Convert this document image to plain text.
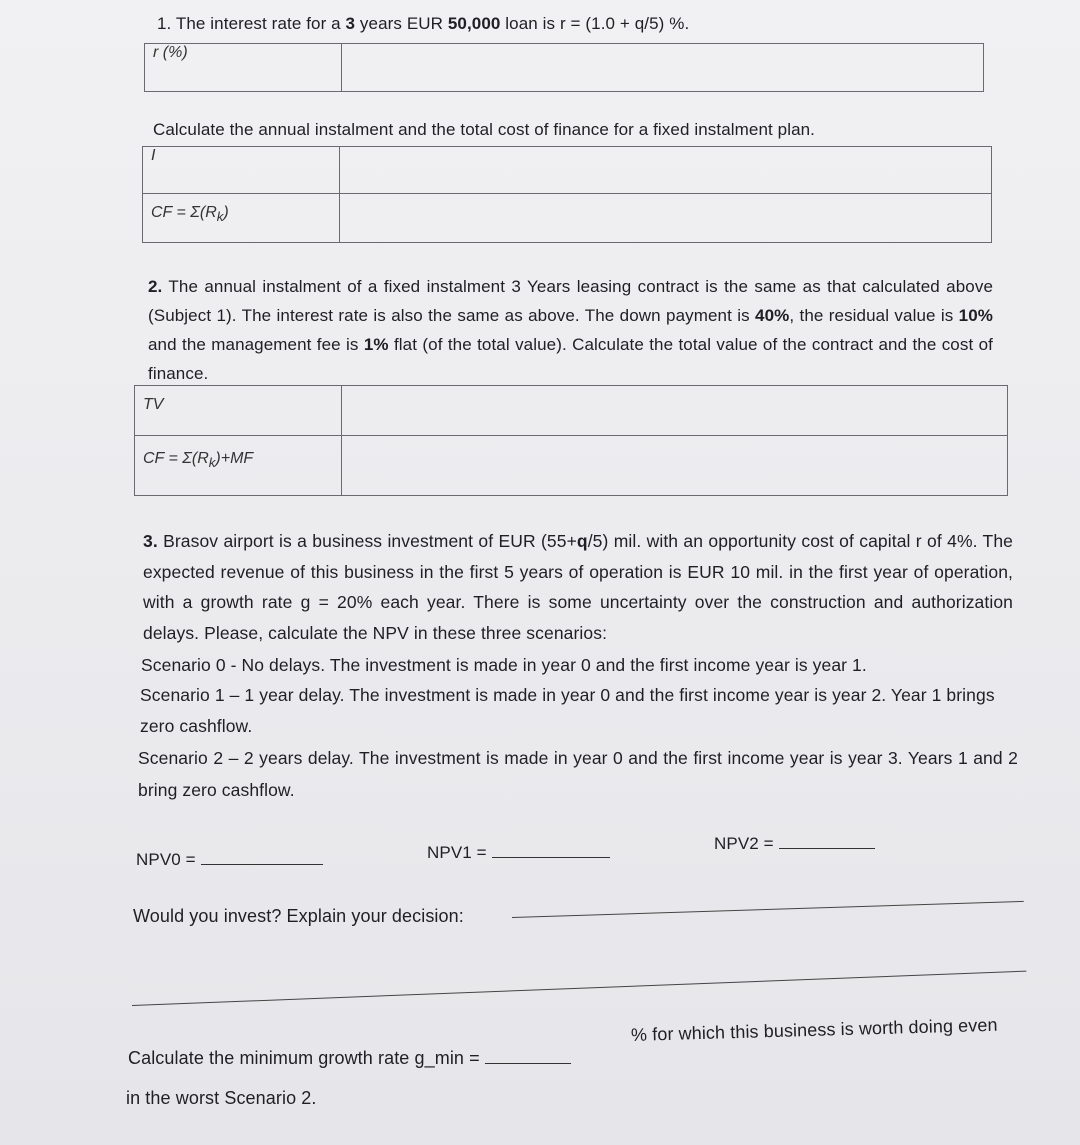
1. The interest rate for a 3 years EUR 50,000 loan is r = (1.0 + q/5) %.
r (%)	
Calculate the annual instalment and the total cost of finance for a fixed instalment plan.
I	
CF = $\Sigma(R_k)$	
2. The annual instalment of a fixed instalment 3 Years leasing contract is the same as that calculated above (Subject 1). The interest rate is also the same as above. The down payment is 40%, the residual value is 10% and the management fee is 1% flat (of the total value). Calculate the total value of the contract and the cost of finance.
TV	
CF = $\Sigma(R_k)+MF$	
3. Brasov airport is a business investment of EUR (55+q/5) mil. with an opportunity cost of capital r of 4%. The expected revenue of this business in the first 5 years of operation is EUR 10 mil. in the first year of operation, with a growth rate g = 20% each year. There is some uncertainty over the construction and authorization delays. Please, calculate the NPV in these three scenarios:
Scenario 0 - No delays. The investment is made in year 0 and the first income year is year 1.
Scenario 1 – 1 year delay. The investment is made in year 0 and the first income year is year 2. Year 1 brings zero cashflow.
Scenario 2 – 2 years delay. The investment is made in year 0 and the first income year is year 3. Years 1 and 2 bring zero cashflow.
NPV0 =	NPV1 =	NPV2 =
Would you invest? Explain your decision:
Calculate the minimum growth rate g_min =
% for which this business is worth doing even
in the worst Scenario 2.
